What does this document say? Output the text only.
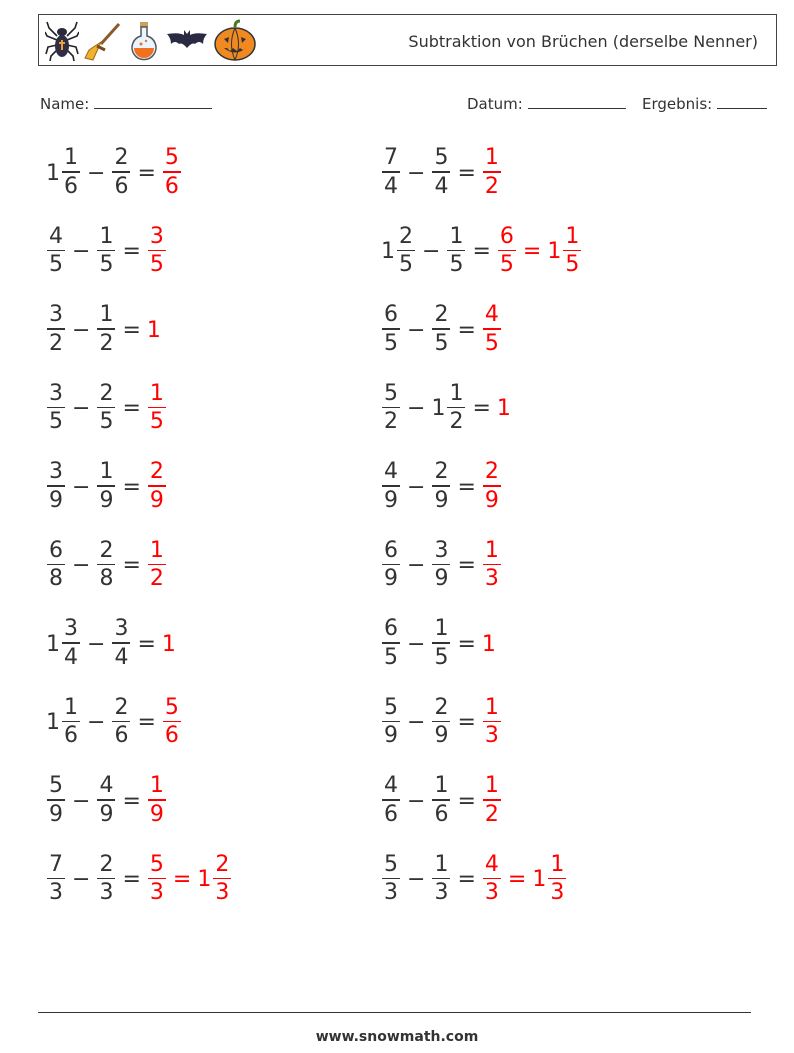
Subtraktion von Brüchen (derselbe Nenner)
Name:	Datum:	Ergebnis:
$1 \frac{1}{6} - \frac{2}{6} = \frac{5}{6}$	$\frac{7}{4} - \frac{5}{4} = \frac{1}{2}$
$\frac{4}{5} - \frac{1}{5} = \frac{3}{5}$	$1 \frac{2}{5} - \frac{1}{5} = \frac{6}{5} = 1 \frac{1}{5}$
$\frac{3}{2} - \frac{1}{2} = 1$	$\frac{6}{5} - \frac{2}{5} = \frac{4}{5}$
$\frac{3}{5} - \frac{2}{5} = \frac{1}{5}$	$\frac{5}{2} - 1 \frac{1}{2} = 1$
$\frac{3}{9} - \frac{1}{9} = \frac{2}{9}$	$\frac{4}{9} - \frac{2}{9} = \frac{2}{9}$
$\frac{6}{8} - \frac{2}{8} = \frac{1}{2}$	$\frac{6}{9} - \frac{3}{9} = \frac{1}{3}$
$1 \frac{3}{4} - \frac{3}{4} = 1$	$\frac{6}{5} - \frac{1}{5} = 1$
$1 \frac{1}{6} - \frac{2}{6} = \frac{5}{6}$	$\frac{5}{9} - \frac{2}{9} = \frac{1}{3}$
$\frac{5}{9} - \frac{4}{9} = \frac{1}{9}$	$\frac{4}{6} - \frac{1}{6} = \frac{1}{2}$
$\frac{7}{3} - \frac{2}{3} = \frac{5}{3} = 1 \frac{2}{3}$	$\frac{5}{3} - \frac{1}{3} = \frac{4}{3} = 1 \frac{1}{3}$
www.snowmath.com
